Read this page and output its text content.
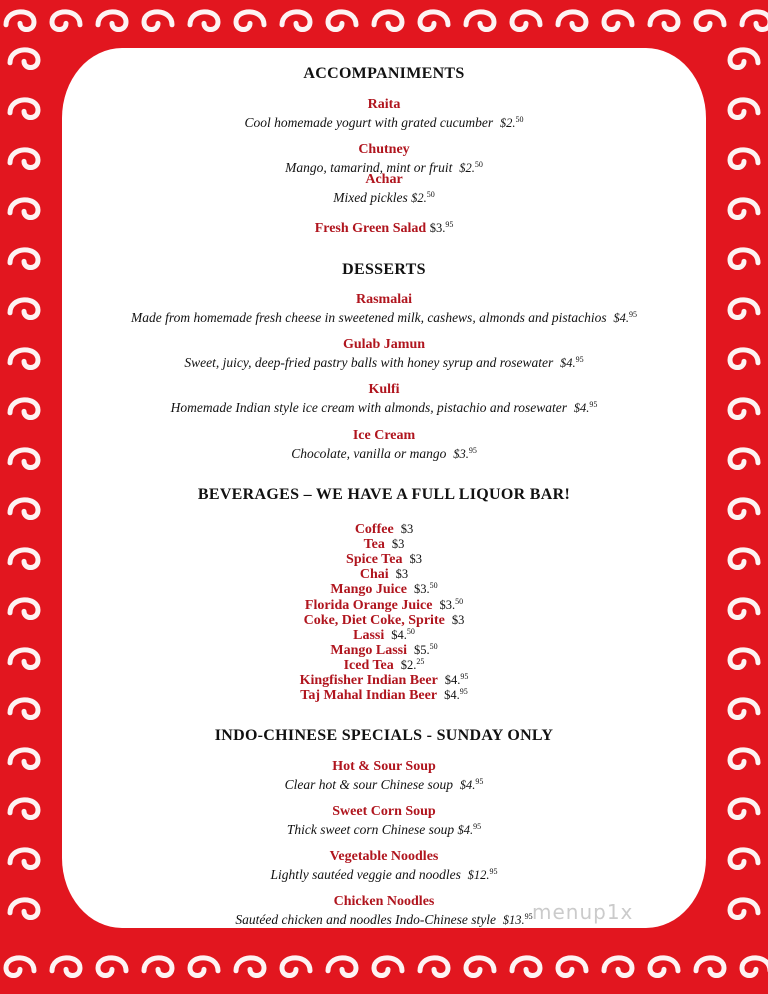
ACCOMPANIMENTS
Raita
Cool homemade yogurt with grated cucumber $2.50
Chutney
Mango, tamarind, mint or fruit $2.50
Achar
Mixed pickles $2.50
Fresh Green Salad $3.95
DESSERTS
Rasmalai
Made from homemade fresh cheese in sweetened milk, cashews, almonds and pistachios $4.95
Gulab Jamun
Sweet, juicy, deep-fried pastry balls with honey syrup and rosewater $4.95
Kulfi
Homemade Indian style ice cream with almonds, pistachio and rosewater $4.95
Ice Cream
Chocolate, vanilla or mango $3.95
BEVERAGES – WE HAVE A FULL LIQUOR BAR!
Coffee $3
Tea $3
Spice Tea $3
Chai $3
Mango Juice $3.50
Florida Orange Juice $3.50
Coke, Diet Coke, Sprite $3
Lassi $4.50
Mango Lassi $5.50
Iced Tea $2.25
Kingfisher Indian Beer $4.95
Taj Mahal Indian Beer $4.95
INDO-CHINESE SPECIALS - SUNDAY ONLY
Hot & Sour Soup
Clear hot & sour Chinese soup $4.95
Sweet Corn Soup
Thick sweet corn Chinese soup $4.95
Vegetable Noodles
Lightly sautéed veggie and noodles $12.95
Chicken Noodles
Sautéed chicken and noodles Indo-Chinese style $13.95 menup1x
